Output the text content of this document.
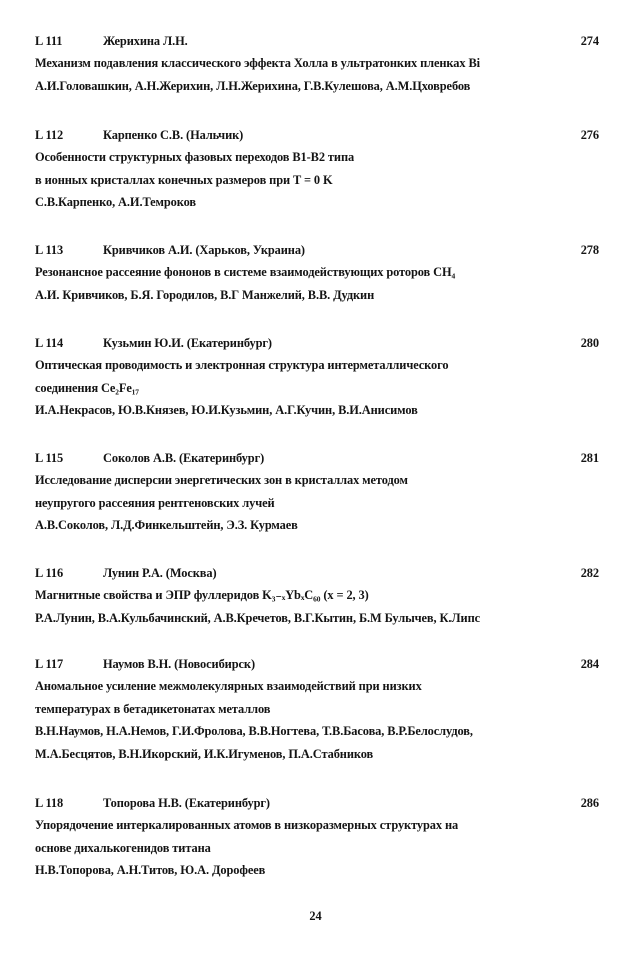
L 111	Жерихина Л.Н.	274
Механизм подавления классического эффекта Холла в ультратонких пленках Bi
А.И.Головашкин, А.Н.Жерихин, Л.Н.Жерихина, Г.В.Кулешова, А.М.Цховребов
L 112	Карпенко С.В. (Нальчик)	276
Особенности структурных фазовых переходов B1-B2 типа
в ионных кристаллах конечных размеров при T = 0 K
С.В.Карпенко, А.И.Темроков
L 113	Кривчиков А.И. (Харьков, Украина)	278
Резонансное рассеяние фононов в системе взаимодействующих роторов CH₄
А.И. Кривчиков, Б.Я. Городилов, В.Г Манжелий, В.В. Дудкин
L 114	Кузьмин Ю.И. (Екатеринбург)	280
Оптическая проводимость и электронная структура интерметаллического
соединения Ce₂Fe₁₇
И.А.Некрасов, Ю.В.Князев, Ю.И.Кузьмин, А.Г.Кучин, В.И.Анисимов
L 115	Соколов А.В. (Екатеринбург)	281
Исследование дисперсии энергетических зон в кристаллах методом
неупругого рассеяния рентгеновских лучей
А.В.Соколов, Л.Д.Финкельштейн, Э.З. Курмаев
L 116	Лунин Р.А. (Москва)	282
Магнитные свойства и ЭПР фуллеридов K₃₋ₓYbₓC₆₀ (x = 2, 3)
Р.А.Лунин, В.А.Кульбачинский, А.В.Кречетов, В.Г.Кытин, Б.М Булычев, К.Липс
L 117	Наумов В.Н. (Новосибирск)	284
Аномальное усиление межмолекулярных взаимодействий при низких
температурах в бетадикетонатах металлов
В.Н.Наумов, Н.А.Немов, Г.И.Фролова, В.В.Ногтева, Т.В.Басова, В.Р.Белослудов,
М.А.Бесцятов, В.Н.Икорский, И.К.Игуменов, П.А.Стабников
L 118	Топорова Н.В. (Екатеринбург)	286
Упорядочение интеркалированных атомов в низкоразмерных структурах на
основе дихалькогенидов титана
Н.В.Топорова, А.Н.Титов, Ю.А. Дорофеев
24
